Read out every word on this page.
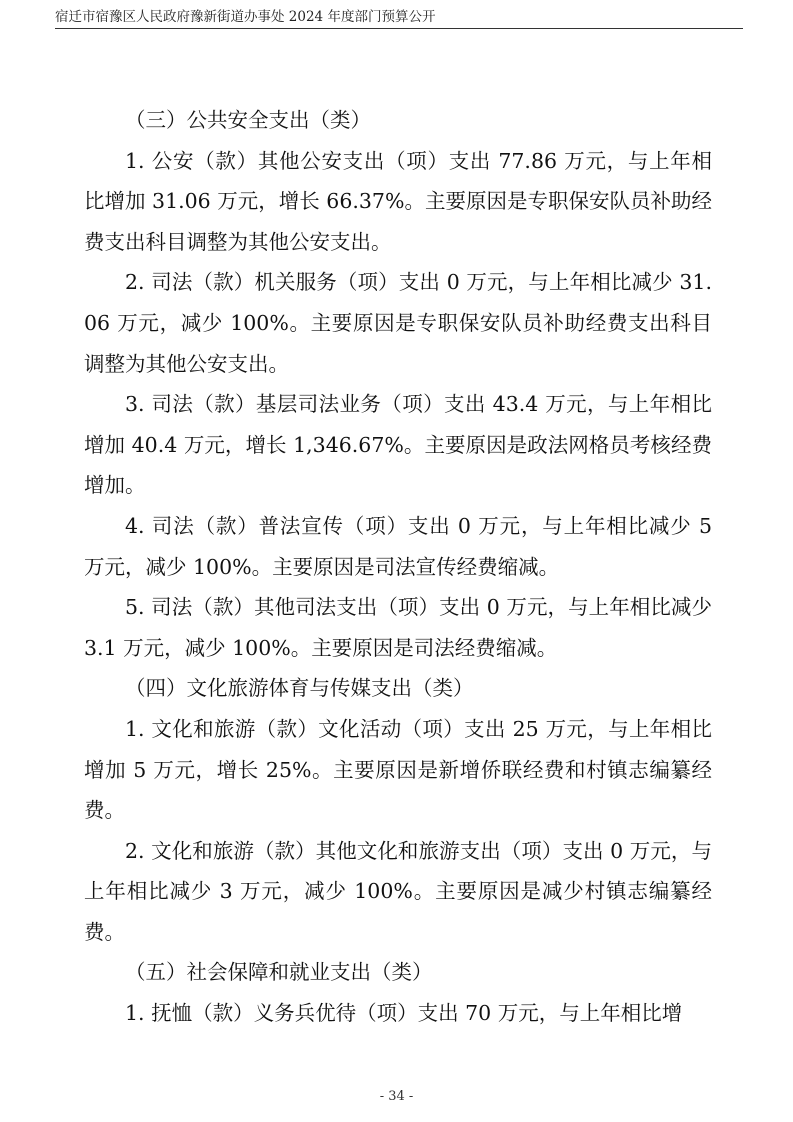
宿迁市宿豫区人民政府豫新街道办事处 2024 年度部门预算公开

（三）公共安全支出（类）

1. 公安（款）其他公安支出（项）支出 77.86 万元，与上年相比增加 31.06 万元，增长 66.37%。主要原因是专职保安队员补助经费支出科目调整为其他公安支出。

2. 司法（款）机关服务（项）支出 0 万元，与上年相比减少 31.06 万元，减少 100%。主要原因是专职保安队员补助经费支出科目调整为其他公安支出。

3. 司法（款）基层司法业务（项）支出 43.4 万元，与上年相比增加 40.4 万元，增长 1,346.67%。主要原因是政法网格员考核经费增加。

4. 司法（款）普法宣传（项）支出 0 万元，与上年相比减少 5 万元，减少 100%。主要原因是司法宣传经费缩减。

5. 司法（款）其他司法支出（项）支出 0 万元，与上年相比减少 3.1 万元，减少 100%。主要原因是司法经费缩减。

（四）文化旅游体育与传媒支出（类）

1. 文化和旅游（款）文化活动（项）支出 25 万元，与上年相比增加 5 万元，增长 25%。主要原因是新增侨联经费和村镇志编纂经费。

2. 文化和旅游（款）其他文化和旅游支出（项）支出 0 万元，与上年相比减少 3 万元，减少 100%。主要原因是减少村镇志编纂经费。

（五）社会保障和就业支出（类）

1. 抚恤（款）义务兵优待（项）支出 70 万元，与上年相比增

- 34 -
